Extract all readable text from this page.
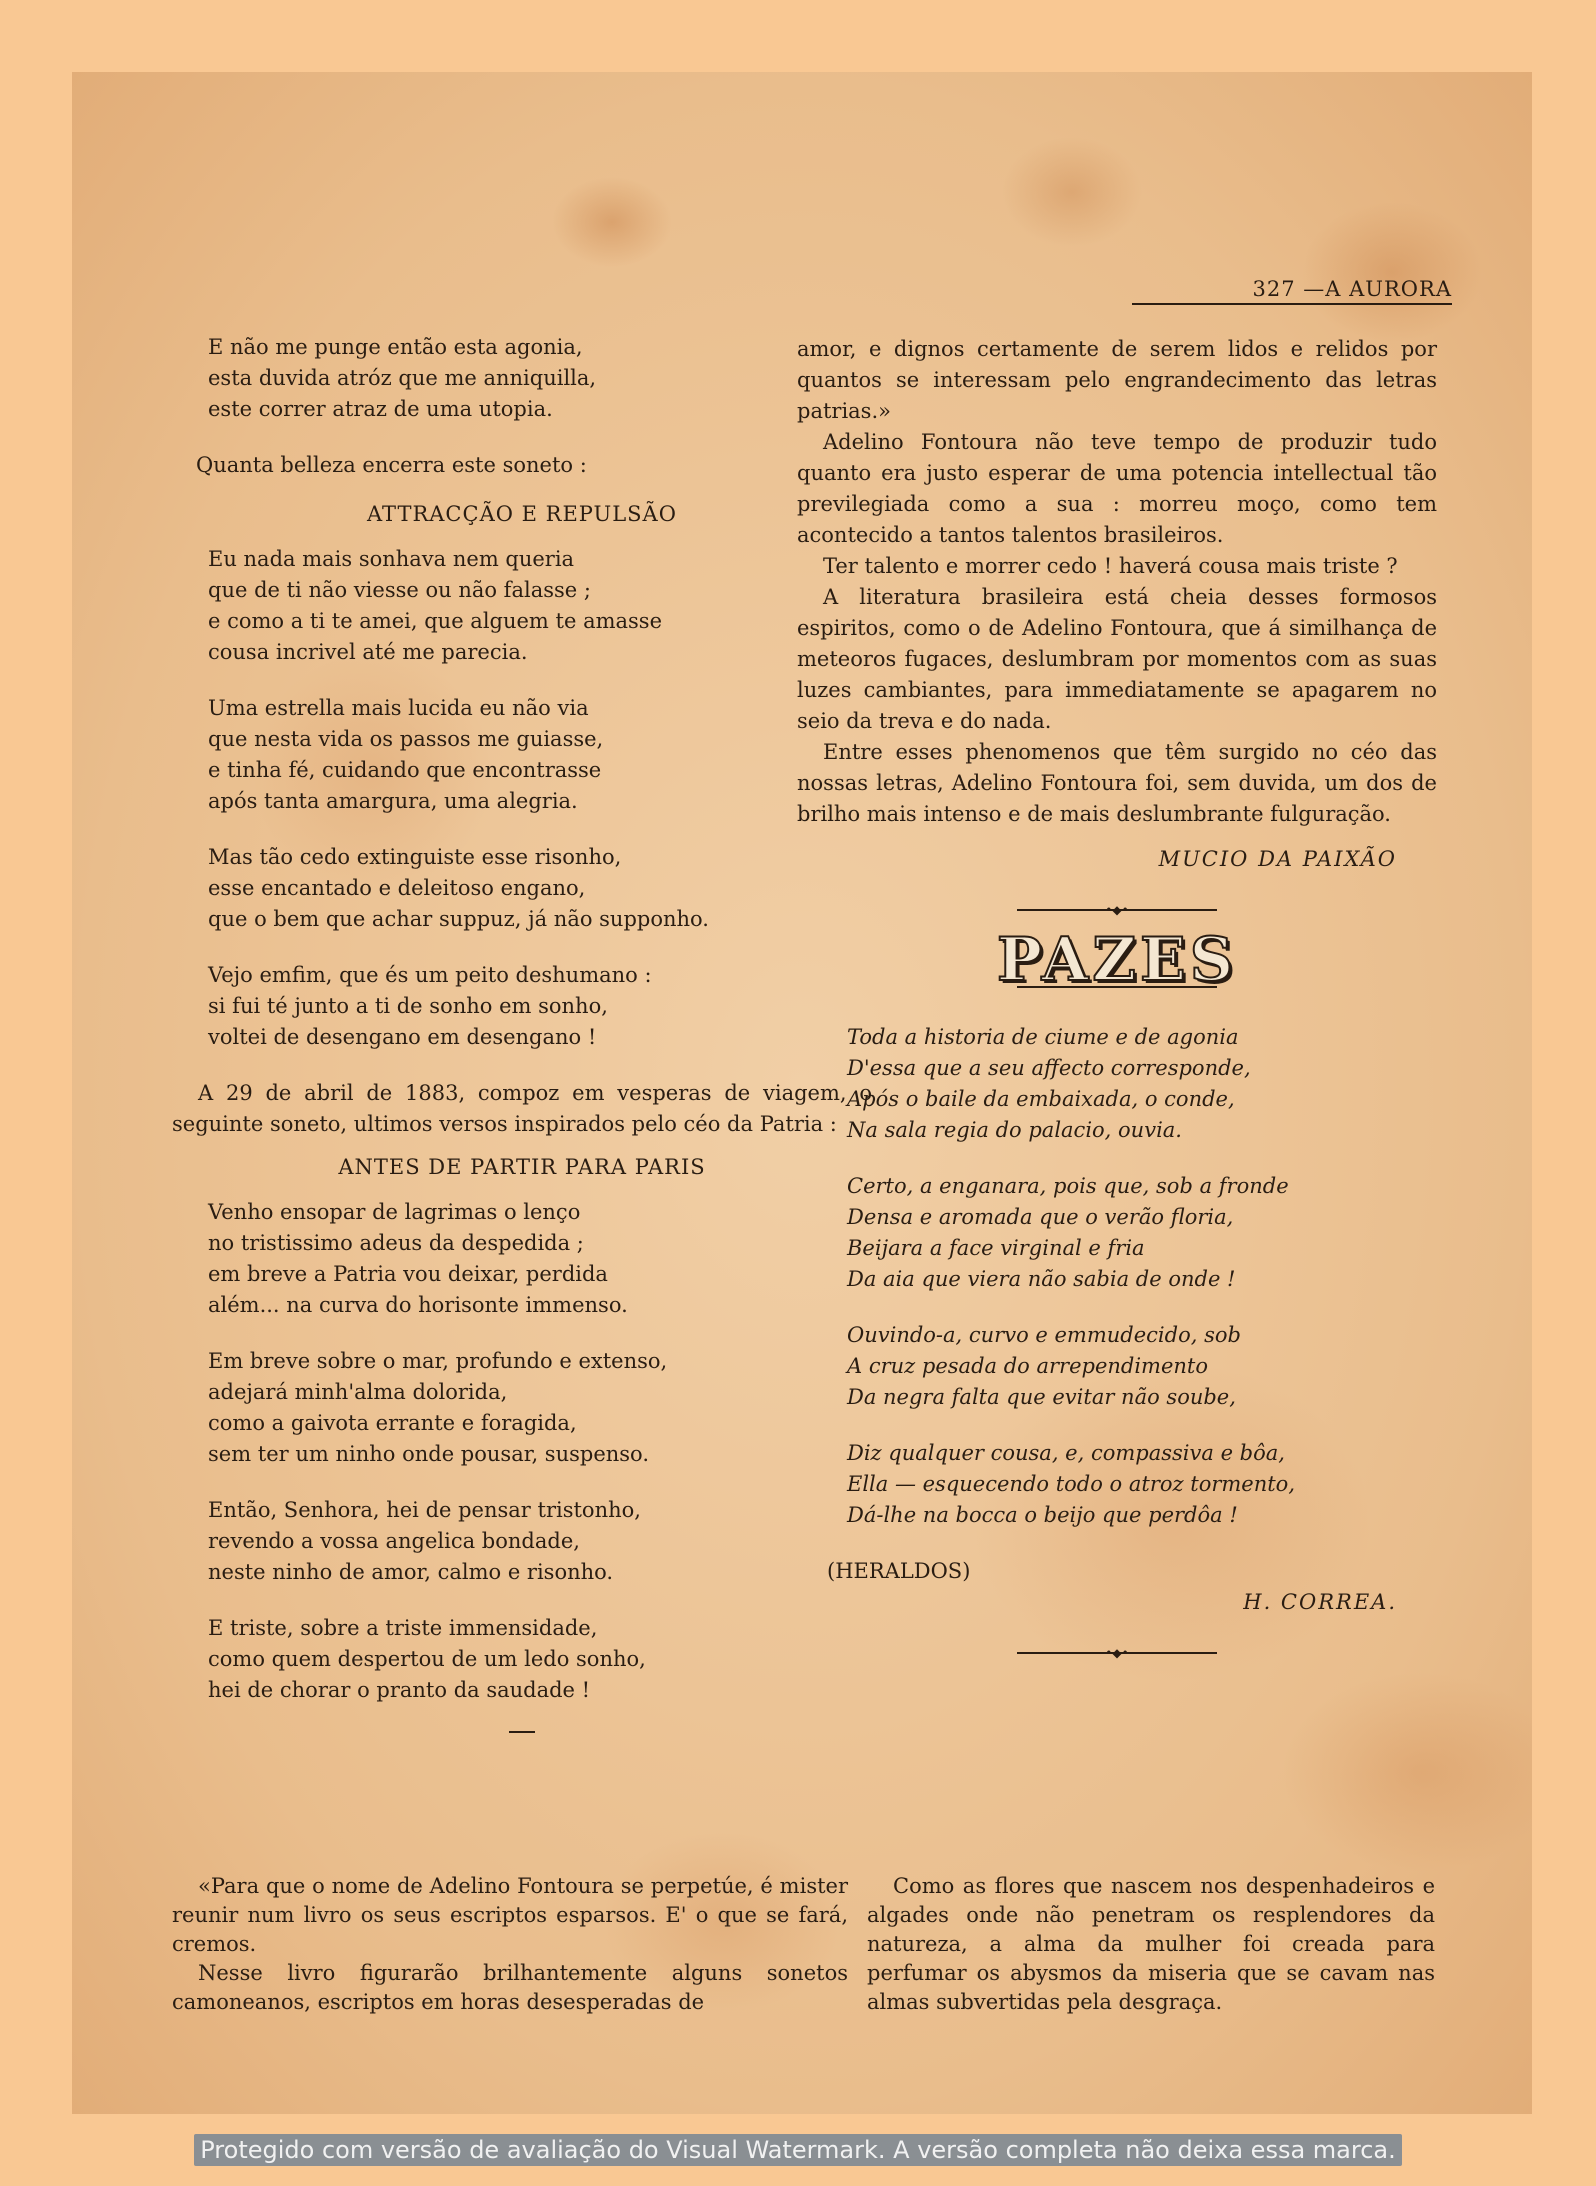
327 —A AURORA

E não me punge então esta agonia,

esta duvida atróz que me anniquilla,

este correr atraz de uma utopia.

Quanta belleza encerra este soneto :

ATTRACÇÃO E REPULSÃO

Eu nada mais sonhava nem queria

que de ti não viesse ou não falasse ;

e como a ti te amei, que alguem te amasse

cousa incrivel até me parecia.

Uma estrella mais lucida eu não via

que nesta vida os passos me guiasse,

e tinha fé, cuidando que encontrasse

após tanta amargura, uma alegria.

Mas tão cedo extinguiste esse risonho,

esse encantado e deleitoso engano,

que o bem que achar suppuz, já não supponho.

Vejo emfim, que és um peito deshumano :

si fui té junto a ti de sonho em sonho,

voltei de desengano em desengano !

A 29 de abril de 1883, compoz em vesperas de viagem, o seguinte soneto, ultimos versos inspirados pelo céo da Patria :

ANTES DE PARTIR PARA PARIS

Venho ensopar de lagrimas o lenço

no tristissimo adeus da despedida ;

em breve a Patria vou deixar, perdida

além... na curva do horisonte immenso.

Em breve sobre o mar, profundo e extenso,

adejará minh'alma dolorida,

como a gaivota errante e foragida,

sem ter um ninho onde pousar, suspenso.

Então, Senhora, hei de pensar tristonho,

revendo a vossa angelica bondade,

neste ninho de amor, calmo e risonho.

E triste, sobre a triste immensidade,

como quem despertou de um ledo sonho,

hei de chorar o pranto da saudade !

amor, e dignos certamente de serem lidos e relidos por quantos se interessam pelo engrandecimento das letras patrias.»

Adelino Fontoura não teve tempo de produzir tudo quanto era justo esperar de uma potencia intellectual tão previlegiada como a sua : morreu moço, como tem acontecido a tantos talentos brasileiros.

Ter talento e morrer cedo ! haverá cousa mais triste ?

A literatura brasileira está cheia desses formosos espiritos, como o de Adelino Fontoura, que á similhança de meteoros fugaces, deslumbram por momentos com as suas luzes cambiantes, para immediatamente se apagarem no seio da treva e do nada.

Entre esses phenomenos que têm surgido no céo das nossas letras, Adelino Fontoura foi, sem duvida, um dos de brilho mais intenso e de mais deslumbrante fulguração.

MUCIO DA PAIXÃO

•◆•
PAZES

Toda a historia de ciume e de agonia

D'essa que a seu affecto corresponde,

Após o baile da embaixada, o conde,

Na sala regia do palacio, ouvia.

Certo, a enganara, pois que, sob a fronde

Densa e aromada que o verão floria,

Beijara a face virginal e fria

Da aia que viera não sabia de onde !

Ouvindo-a, curvo e emmudecido, sob

A cruz pesada do arrependimento

Da negra falta que evitar não soube,

Diz qualquer cousa, e, compassiva e bôa,

Ella — esquecendo todo o atroz tormento,

Dá-lhe na bocca o beijo que perdôa !

(HERALDOS)

H. CORREA.

•◆•

«Para que o nome de Adelino Fontoura se perpetúe, é mister reunir num livro os seus escriptos esparsos. E' o que se fará, cremos.

Nesse livro figurarão brilhantemente alguns sonetos camoneanos, escriptos em horas desesperadas de

Como as flores que nascem nos despenhadeiros e algades onde não penetram os resplendores da natureza, a alma da mulher foi creada para perfumar os abysmos da miseria que se cavam nas almas subvertidas pela desgraça.

Protegido com versão de avaliação do Visual Watermark. A versão completa não deixa essa marca.
